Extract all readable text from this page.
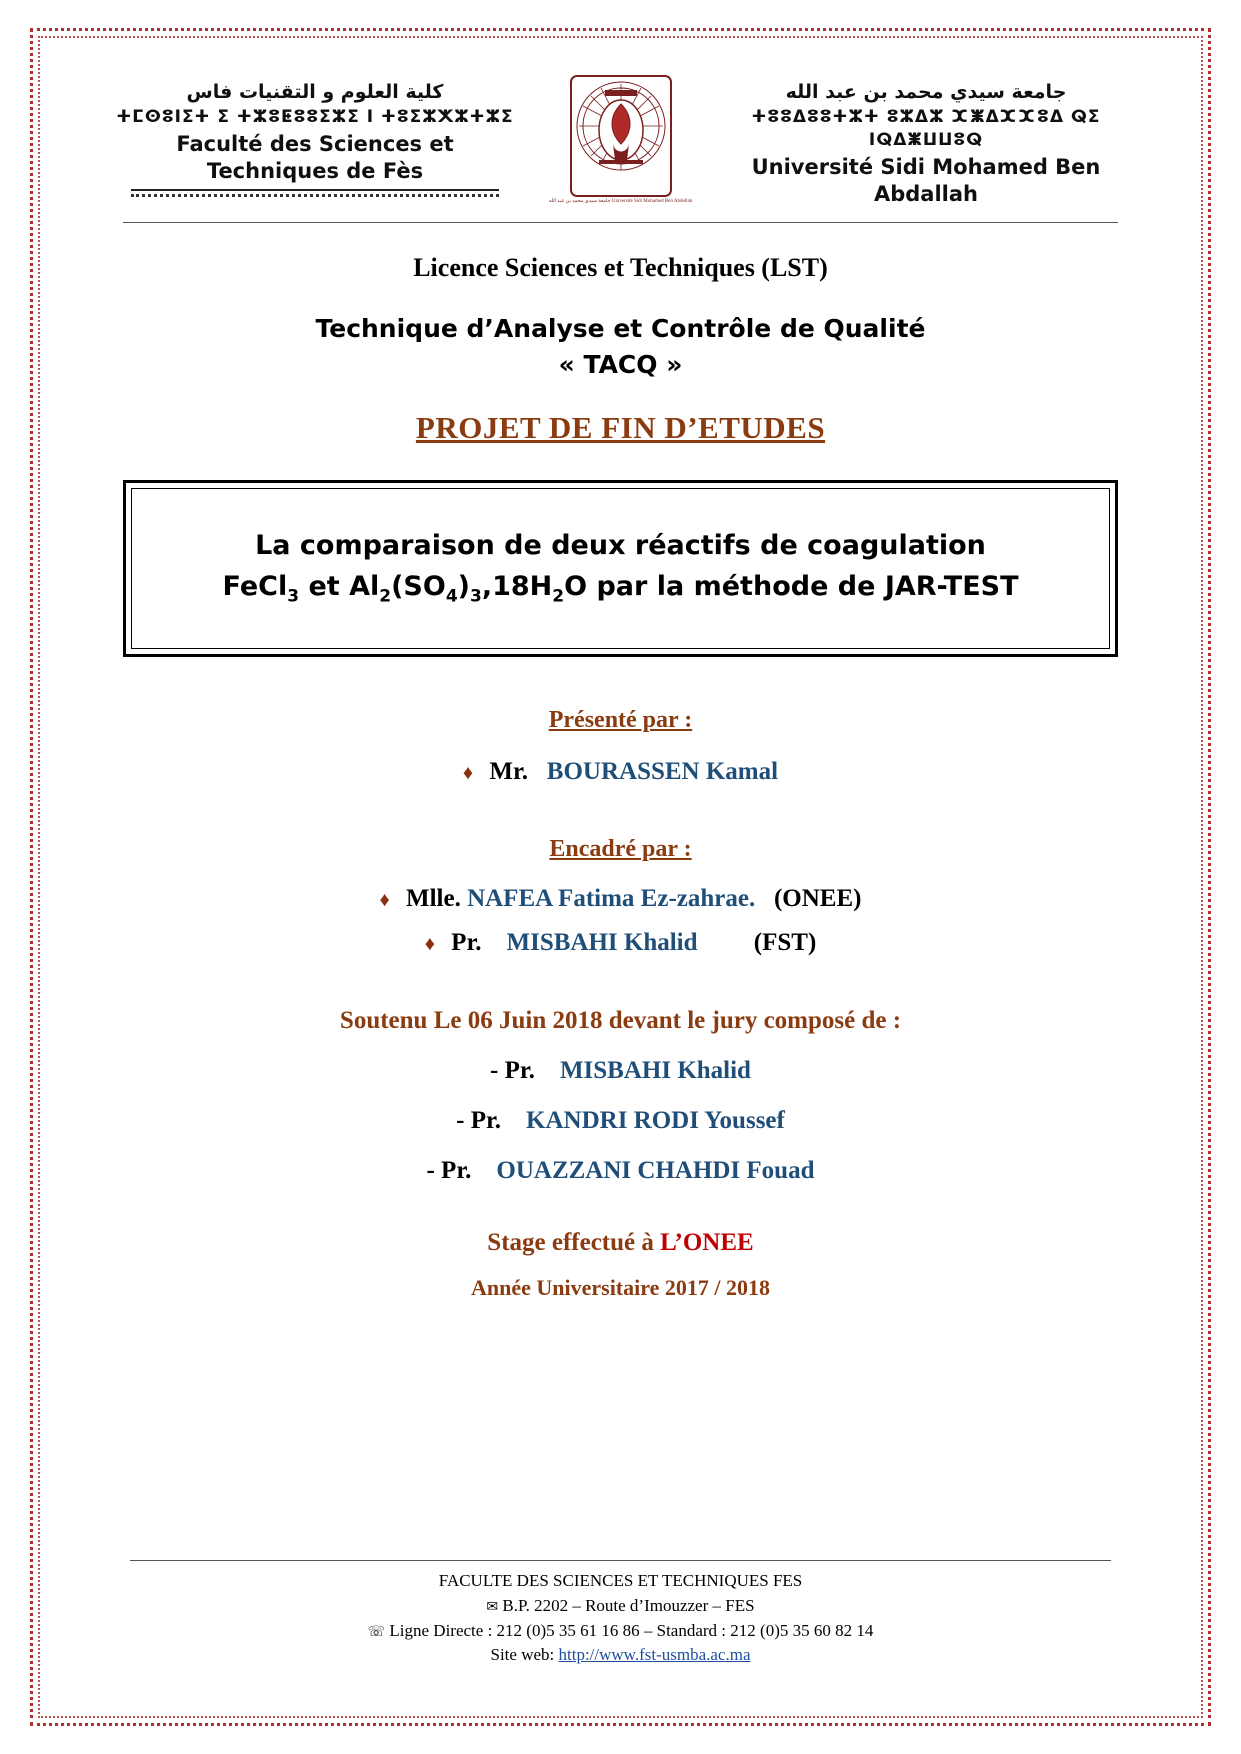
كلية العلوم و التقنيات فاس
ⵜⵎⵙⵓⵏⵉⵜ ⵉ ⵜⵣⵓⵟⵓⵓⵉⵣⵉ ⵏ ⵜⵓⵉⵣⵅⵣⵜⵣⵉ
Faculté des Sciences et Techniques de Fès
جامعة سيدي محمد بن عبد الله Université Sidi Mohamed Ben Abdellah
جامعة سيدي محمد بن عبد الله
ⵜⵓⵓⵠⵓⵓⵜⵣⵜ ⵓⵣⵠⵣ ⵋⵥⵠⵋⵋⵓⵠ ⵕⵉ ⵏⵕⵠⵥⵡⵡⵓⵕ
Université Sidi Mohamed Ben Abdallah
Licence Sciences et Techniques (LST)
Technique d’Analyse et Contrôle de Qualité
« TACQ »
PROJET DE FIN D’ETUDES
La comparaison de deux réactifs de coagulation
FeCl$_3$ et $Al_2(SO_4)_3,18H_2O$ par la méthode de JAR-TEST
Présenté par :
♦ Mr. BOURASSEN Kamal
Encadré par :
♦ Mlle. NAFEA Fatima Ez-zahrae. (ONEE)
♦ Pr. MISBAHI Khalid (FST)
Soutenu Le 06 Juin 2018 devant le jury composé de :
- Pr. MISBAHI Khalid
- Pr. KANDRI RODI Youssef
- Pr. OUAZZANI CHAHDI Fouad
Stage effectué à L’ONEE
Année Universitaire 2017 / 2018
FACULTE DES SCIENCES ET TECHNIQUES FES
✉ B.P. 2202 – Route d’Imouzzer – FES
☏ Ligne Directe : 212 (0)5 35 61 16 86 – Standard : 212 (0)5 35 60 82 14
Site web: http://www.fst-usmba.ac.ma
